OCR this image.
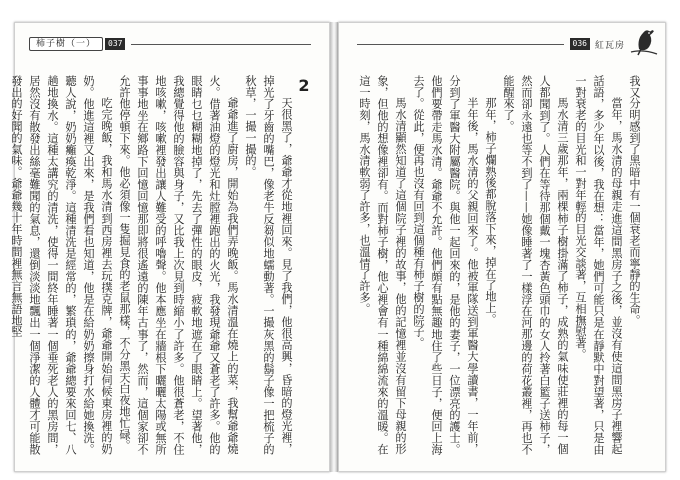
柿子樹（一）	037

2

天很黑了，爺爺才從地裡回來。見了我們，他很高興，昏暗的燈光裡，掉光了牙齒的嘴巴，像老牛反芻似地蠕動著。一撮灰黑的鬍子像一把梳子的秋草，一撮一撮的。

爺爺進了廚房，開始為我們弄晚飯。馬水清溫在燒上的菜，我幫爺爺燒火。借著油燈的燈光和灶膛裡跑出的火光，我發現爺爺又蒼老了許多。他的眼睛乜乜糊糊地掉了，先去了彈性的眼皮，疲軟地遮在了眼睛上。望著他，我總覺得他的臉容與身子，又比我上次見到時縮小了許多。他很蒼老，不住地咳嗽，咳嗽裡發出讓人難受的呼嚕聲。他本應坐在牆根下曬曬太陽或無所事事地坐在鄉路下回憶回憶那即將很遙遠的陳年古事了，然而，這個家卻不允許他停頓下來。他必須像一隻掘見食的老鼠那樣，不分黑天白夜地忙碌。

吃完晚飯，我和馬水清到西房裡去玩撲克牌，爺爺開始伺候東房裡的奶奶。他進這裡又出來，是我們看也知道，他是在給奶奶擦身打水給她換洗。聽人說，奶奶癱瘓乾淨。這種清洗是經常的，繁瑣的，爺爺總要來回七、八趟地換水。這種太講究的清洗，使得一間終年睡著一個垂死老人的黑房間，居然沒有散發出絲毫難聞的氣息，還倒淡淡地飄出一個淨潔的人體才可能散發出的好聞的氣味。爺爺幾十年時間裡無言無語地堅

036 紅瓦房

我又分明感到了黑暗中有一個衰老而寧靜的生命。

當年，馬水清的母親走進這間黑房子之後，並沒有使這間黑房子裡響起話語，多少年以後，我在想：當年，她們可能只是在靜默中對望著，只是由一對衰老的目光和一對年輕的目光交談著，互相撫慰著。

馬水清三歲那年，兩棵柿子樹掛滿了柿子，成熟的氣味使莊裡的每一個人都聞到了。人們在等待那個戴一塊杏黃色頭巾的女人拎著白籃子送柿子，然而卻永遠也等不到了——她像睡著了一樣浮在河那邊的荷花叢裡，再也不能醒來了。

那年，柿子爛熟後都脫落下來，掉在了地上。

半年後，馬水清的父親回來了。他被軍隊送到軍醫大學讀書，一年前，分到了軍醫大附屬醫院。與他一起回來的，是他的妻子，一位漂亮的護士。他們要帶走馬水清。爺爺不允許。他們頗有點無趣地住了些日子，便回上海去了。從此，便再也沒有回到這個種有柿子樹的院子。

馬水清顯然知道了這個院子裡的故事，他的記憶裡並沒有留下母親的形象，但他的想像裡卻有。而對柿子樹，他心裡會有一種綿綿流來的溫暖。在這一時刻，馬水清軟弱了許多，也溫情了許多。
